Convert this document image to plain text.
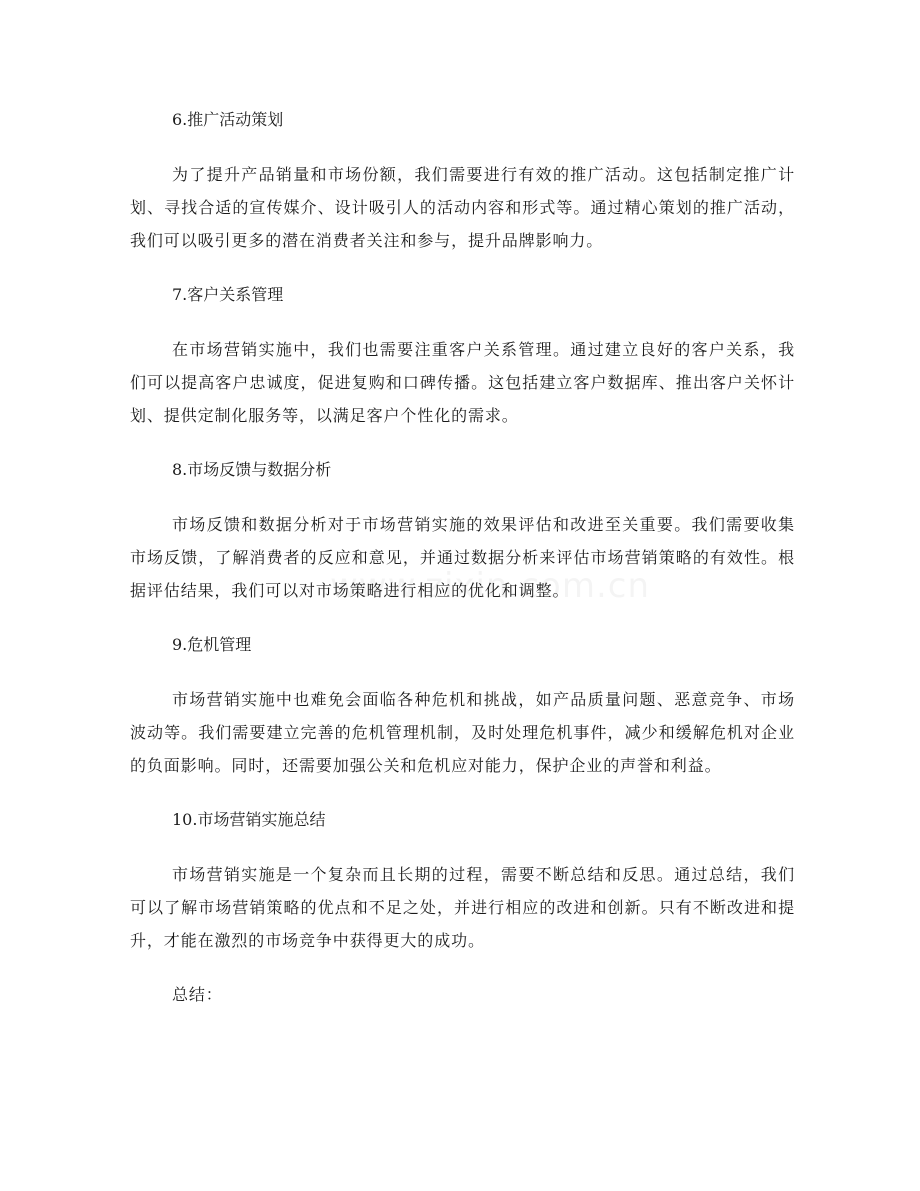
6.推广活动策划

为了提升产品销量和市场份额，我们需要进行有效的推广活动。这包括制定推广计划、寻找合适的宣传媒介、设计吸引人的活动内容和形式等。通过精心策划的推广活动，我们可以吸引更多的潜在消费者关注和参与，提升品牌影响力。

7.客户关系管理

在市场营销实施中，我们也需要注重客户关系管理。通过建立良好的客户关系，我们可以提高客户忠诚度，促进复购和口碑传播。这包括建立客户数据库、推出客户关怀计划、提供定制化服务等，以满足客户个性化的需求。

8.市场反馈与数据分析

市场反馈和数据分析对于市场营销实施的效果评估和改进至关重要。我们需要收集市场反馈，了解消费者的反应和意见，并通过数据分析来评估市场营销策略的有效性。根据评估结果，我们可以对市场策略进行相应的优化和调整。

9.危机管理

市场营销实施中也难免会面临各种危机和挑战，如产品质量问题、恶意竞争、市场波动等。我们需要建立完善的危机管理机制，及时处理危机事件，减少和缓解危机对企业的负面影响。同时，还需要加强公关和危机应对能力，保护企业的声誉和利益。

10.市场营销实施总结

市场营销实施是一个复杂而且长期的过程，需要不断总结和反思。通过总结，我们可以了解市场营销策略的优点和不足之处，并进行相应的改进和创新。只有不断改进和提升，才能在激烈的市场竞争中获得更大的成功。

总结：
